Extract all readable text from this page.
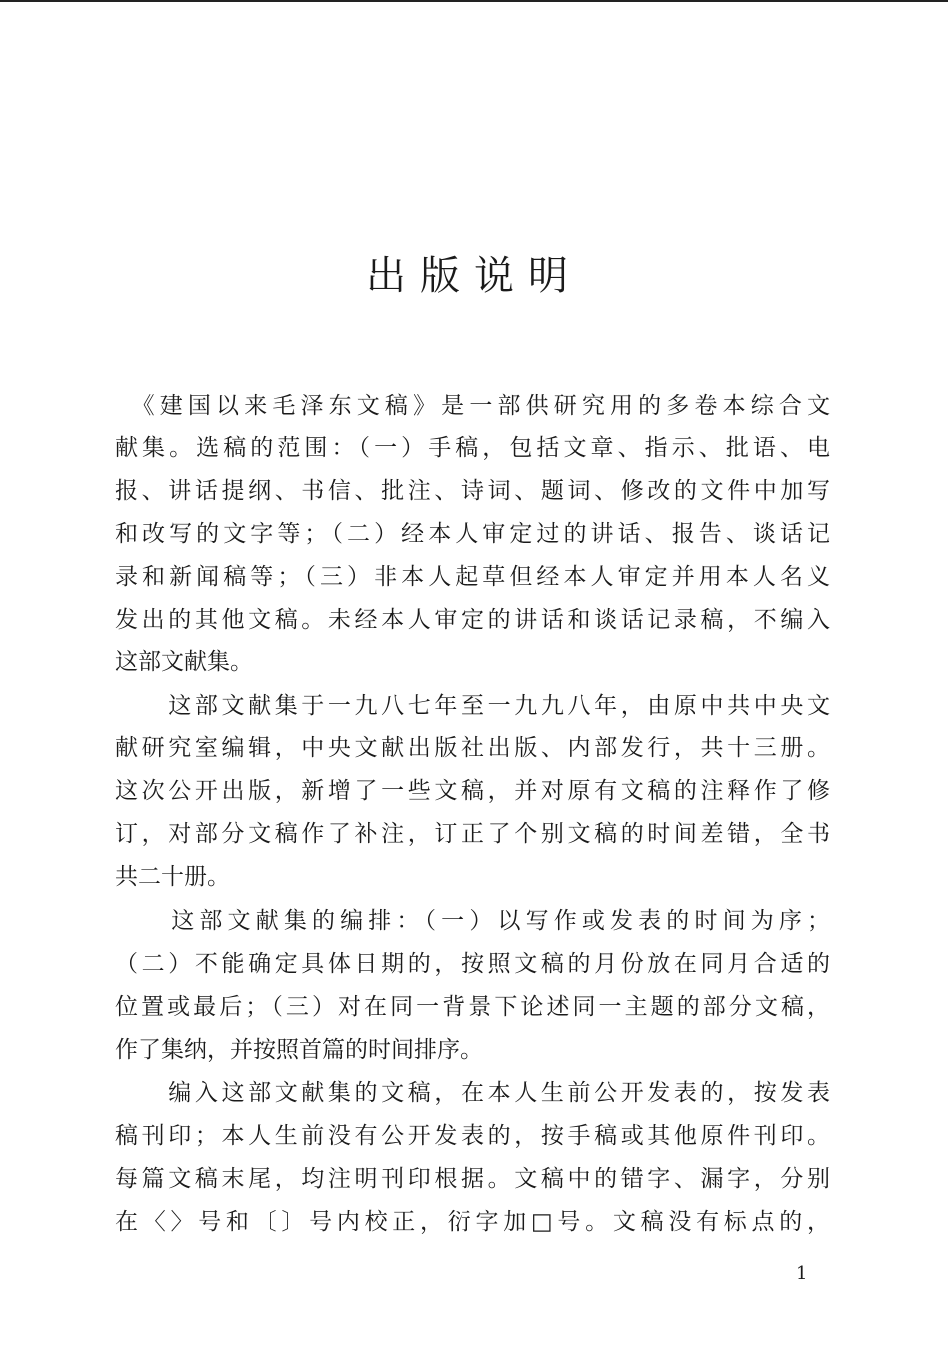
出版说明

　《建国以来毛泽东文稿》是一部供研究用的多卷本综合文

献集。选稿的范围：（一）手稿，包括文章、指示、批语、电

报、讲话提纲、书信、批注、诗词、题词、修改的文件中加写

和改写的文字等；（二）经本人审定过的讲话、报告、谈话记

录和新闻稿等；（三）非本人起草但经本人审定并用本人名义

发出的其他文稿。未经本人审定的讲话和谈话记录稿，不编入

这部文献集。

　　这部文献集于一九八七年至一九九八年，由原中共中央文

献研究室编辑，中央文献出版社出版、内部发行，共十三册。

这次公开出版，新增了一些文稿，并对原有文稿的注释作了修

订，对部分文稿作了补注，订正了个别文稿的时间差错，全书

共二十册。

　　这部文献集的编排：（一）以写作或发表的时间为序；

（二）不能确定具体日期的，按照文稿的月份放在同月合适的

位置或最后；（三）对在同一背景下论述同一主题的部分文稿，

作了集纳，并按照首篇的时间排序。

　　编入这部文献集的文稿，在本人生前公开发表的，按发表

稿刊印；本人生前没有公开发表的，按手稿或其他原件刊印。

每篇文稿末尾，均注明刊印根据。文稿中的错字、漏字，分别

在〈〉号和〔〕号内校正，衍字加□号。文稿没有标点的，

1
